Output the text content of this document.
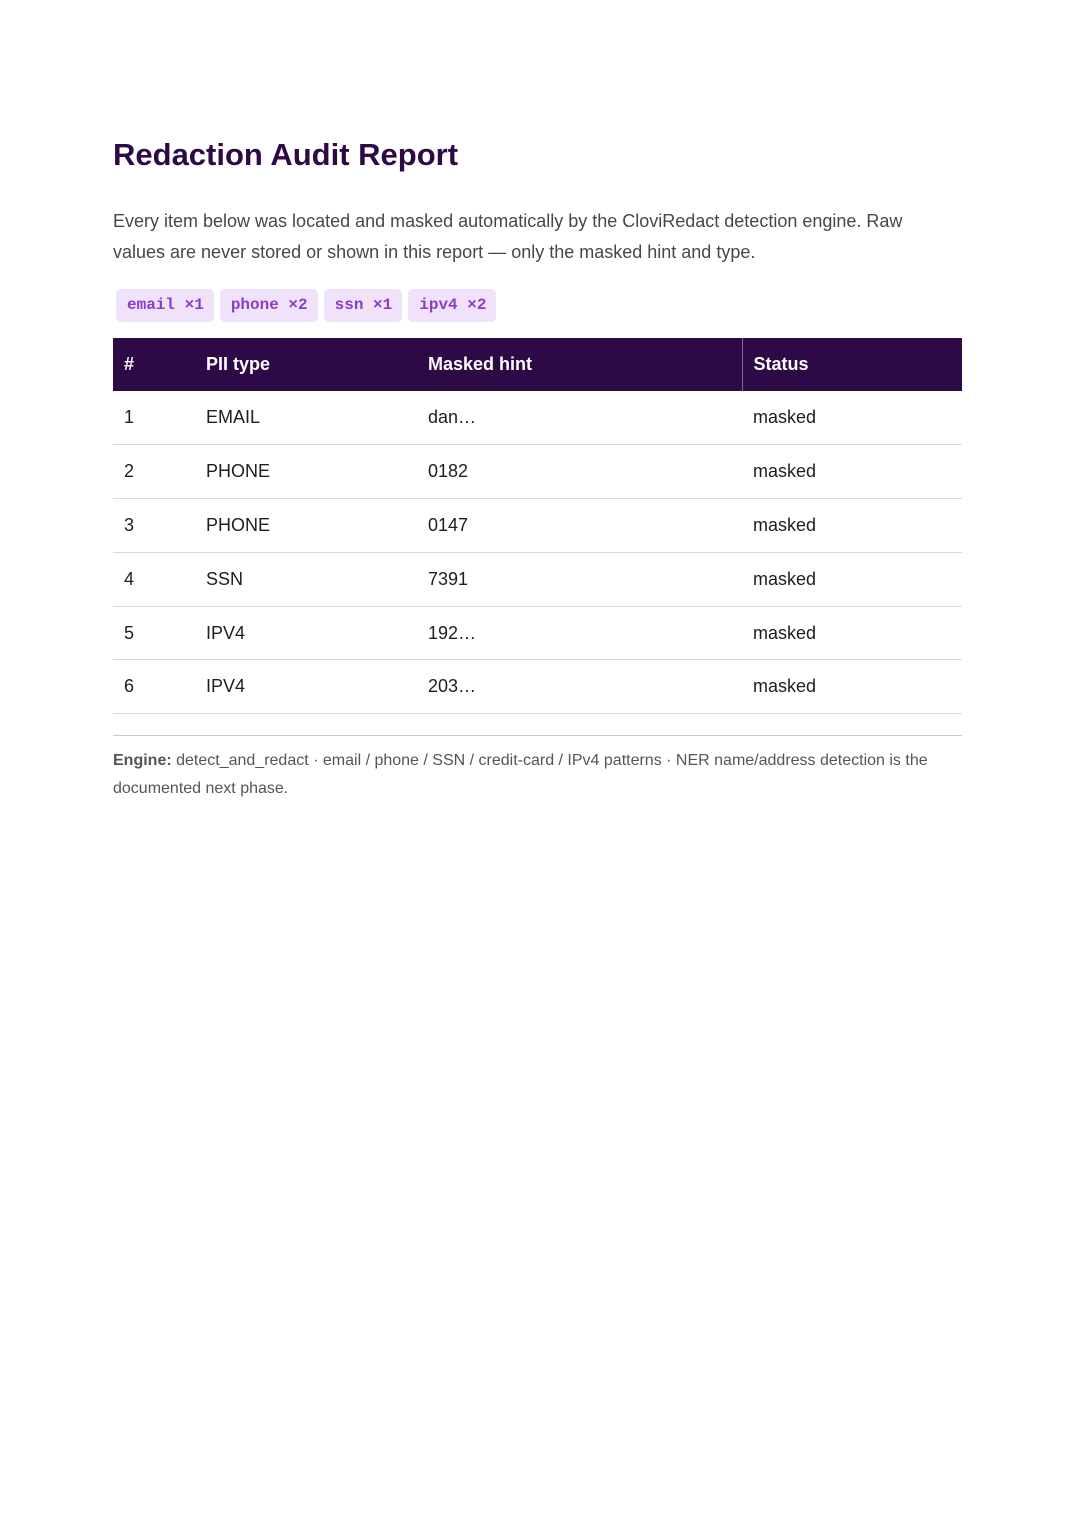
Redaction Audit Report

Every item below was located and masked automatically by the CloviRedact detection engine. Raw values are never stored or shown in this report — only the masked hint and type.

email ×1	phone ×2	ssn ×1	ipv4 ×2
#	PII type	Masked hint	Status
1	EMAIL	dan…	masked
2	PHONE	0182	masked
3	PHONE	0147	masked
4	SSN	7391	masked
5	IPV4	192…	masked
6	IPV4	203…	masked

Engine: detect_and_redact · email / phone / SSN / credit-card / IPv4 patterns · NER name/address detection is the documented next phase.
